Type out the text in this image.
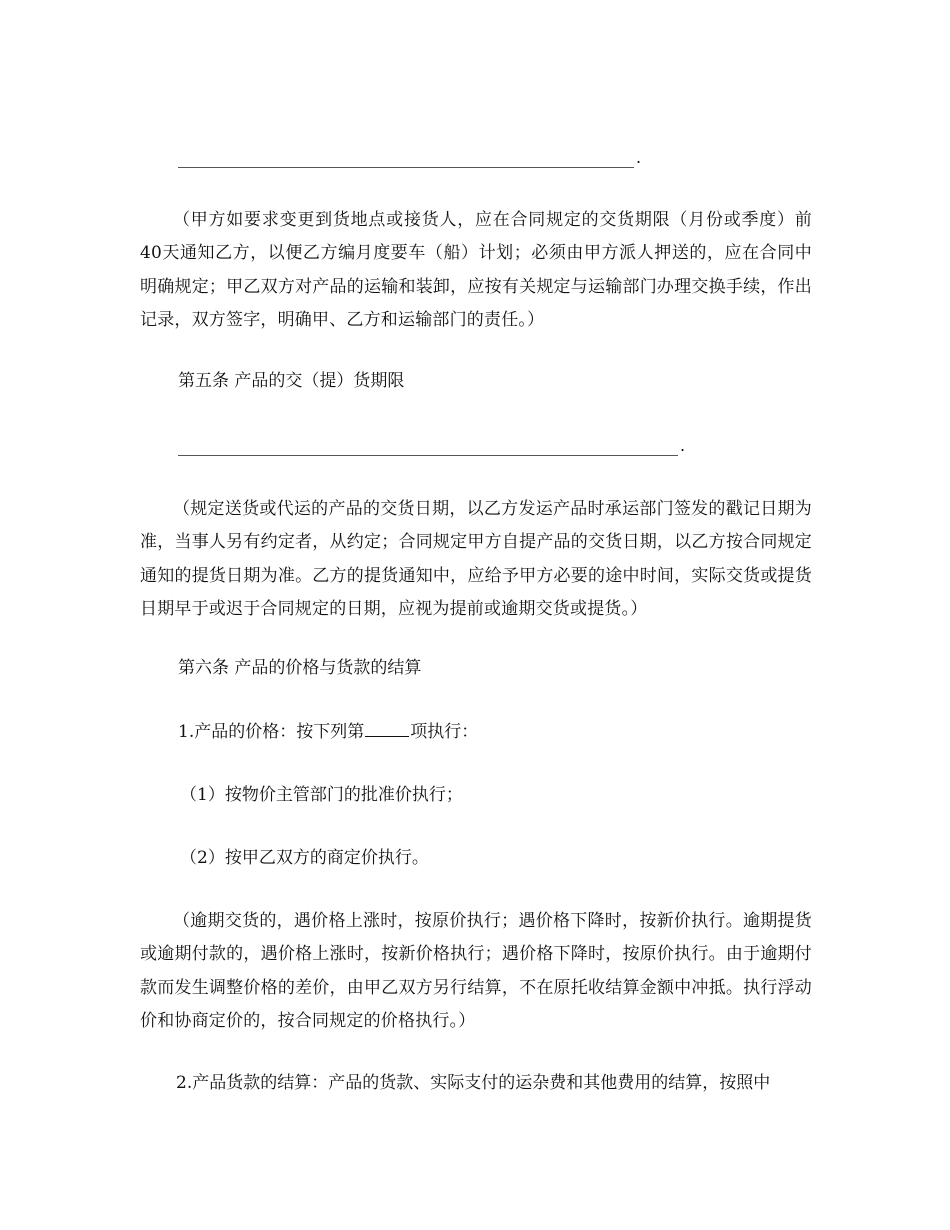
.
（甲方如要求变更到货地点或接货人，应在合同规定的交货期限（月份或季度）前40天通知乙方，以便乙方编月度要车（船）计划；必须由甲方派人押送的，应在合同中明确规定；甲乙双方对产品的运输和装卸，应按有关规定与运输部门办理交换手续，作出记录，双方签字，明确甲、乙方和运输部门的责任。）
第五条 产品的交（提）货期限
.
（规定送货或代运的产品的交货日期，以乙方发运产品时承运部门签发的戳记日期为准，当事人另有约定者，从约定；合同规定甲方自提产品的交货日期，以乙方按合同规定通知的提货日期为准。乙方的提货通知中，应给予甲方必要的途中时间，实际交货或提货日期早于或迟于合同规定的日期，应视为提前或逾期交货或提货。）
第六条 产品的价格与货款的结算
1.产品的价格：按下列第	项执行：
（1）按物价主管部门的批准价执行；
（2）按甲乙双方的商定价执行。
（逾期交货的，遇价格上涨时，按原价执行；遇价格下降时，按新价执行。逾期提货或逾期付款的，遇价格上涨时，按新价格执行；遇价格下降时，按原价执行。由于逾期付款而发生调整价格的差价，由甲乙双方另行结算，不在原托收结算金额中冲抵。执行浮动价和协商定价的，按合同规定的价格执行。）
2.产品货款的结算：产品的货款、实际支付的运杂费和其他费用的结算，按照中
